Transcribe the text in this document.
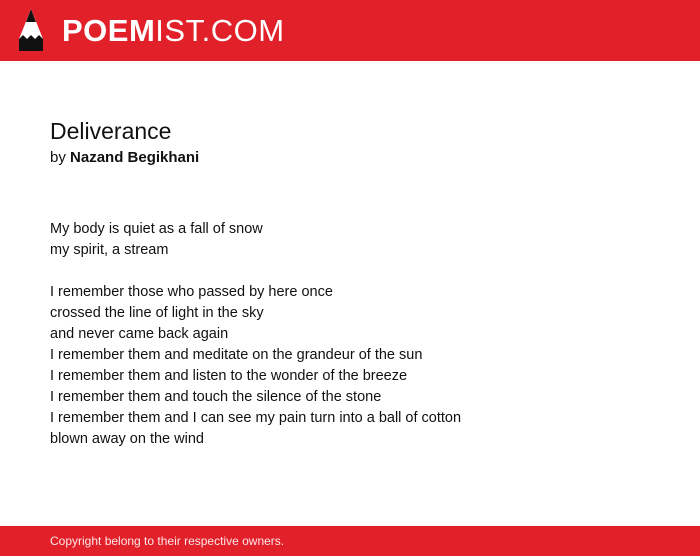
POEMIST.COM
Deliverance
by Nazand Begikhani
My body is quiet as a fall of snow
my spirit, a stream
I remember those who passed by here once
crossed the line of light in the sky
and never came back again
I remember them and meditate on the grandeur of the sun
I remember them and listen to the wonder of the breeze
I remember them and touch the silence of the stone
I remember them and I can see my pain turn into a ball of cotton
blown away on the wind
Copyright belong to their respective owners.
